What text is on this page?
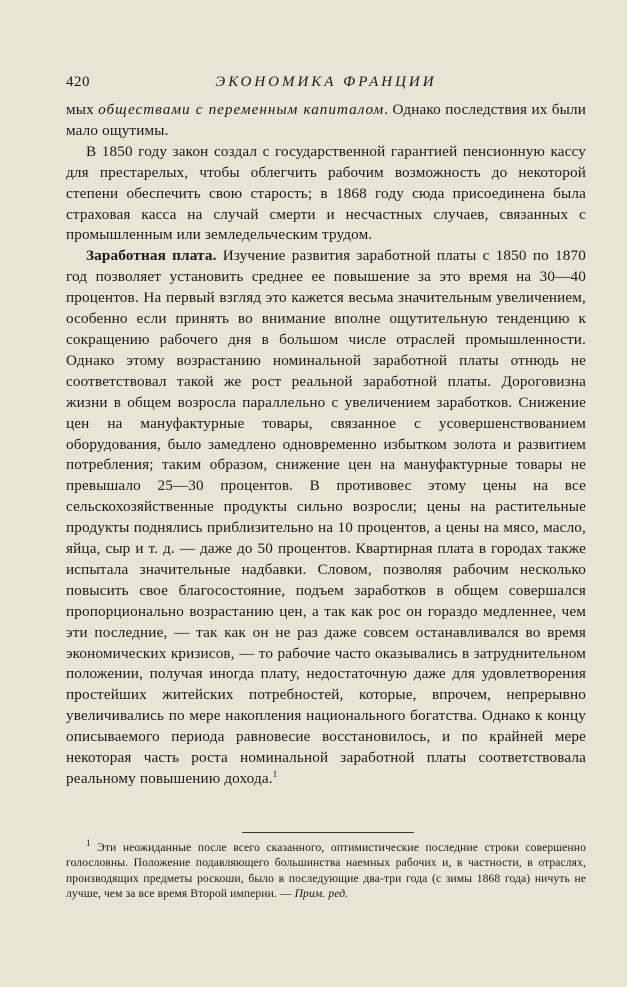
420	ЭКОНОМИКА ФРАНЦИИ

мых обществами с переменным капиталом. Однако последствия их были мало ощутимы.

В 1850 году закон создал с государственной гарантией пенсионную кассу для престарелых, чтобы облегчить рабочим возможность до некоторой степени обеспечить свою старость; в 1868 году сюда присоединена была страховая касса на случай смерти и несчастных случаев, связанных с промышленным или земледельческим трудом.

Заработная плата. Изучение развития заработной платы с 1850 по 1870 год позволяет установить среднее ее повышение за это время на 30—40 процентов. На первый взгляд это кажется весьма значительным увеличением, особенно если принять во внимание вполне ощутительную тенденцию к сокращению рабочего дня в большом числе отраслей промышленности. Однако этому возрастанию номинальной заработной платы отнюдь не соответствовал такой же рост реальной заработной платы. Дороговизна жизни в общем возросла параллельно с увеличением заработков. Снижение цен на мануфактурные товары, связанное с усовершенствованием оборудования, было замедлено одновременно избытком золота и развитием потребления; таким образом, снижение цен на мануфактурные товары не превышало 25—30 процентов. В противовес этому цены на все сельскохозяйственные продукты сильно возросли; цены на растительные продукты поднялись приблизительно на 10 процентов, а цены на мясо, масло, яйца, сыр и т. д. — даже до 50 процентов. Квартирная плата в городах также испытала значительные надбавки. Словом, позволяя рабочим несколько повысить свое благосостояние, подъем заработков в общем совершался пропорционально возрастанию цен, а так как рос он гораздо медленнее, чем эти последние, — так как он не раз даже совсем останавливался во время экономических кризисов, — то рабочие часто оказывались в затруднительном положении, получая иногда плату, недостаточную даже для удовлетворения простейших житейских потребностей, которые, впрочем, непрерывно увеличивались по мере накопления национального богатства. Однако к концу описываемого периода равновесие восстановилось, и по крайней мере некоторая часть роста номинальной заработной платы соответствовала реальному повышению дохода.$^1$

$^1$ Эти неожиданные после всего сказанного, оптимистические последние строки совершенно голословны. Положение подавляющего большинства наемных рабочих и, в частности, в отраслях, производящих предметы роскоши, было в последующие два-три года (с зимы 1868 года) ничуть не лучше, чем за все время Второй империи. — Прим. ред.
